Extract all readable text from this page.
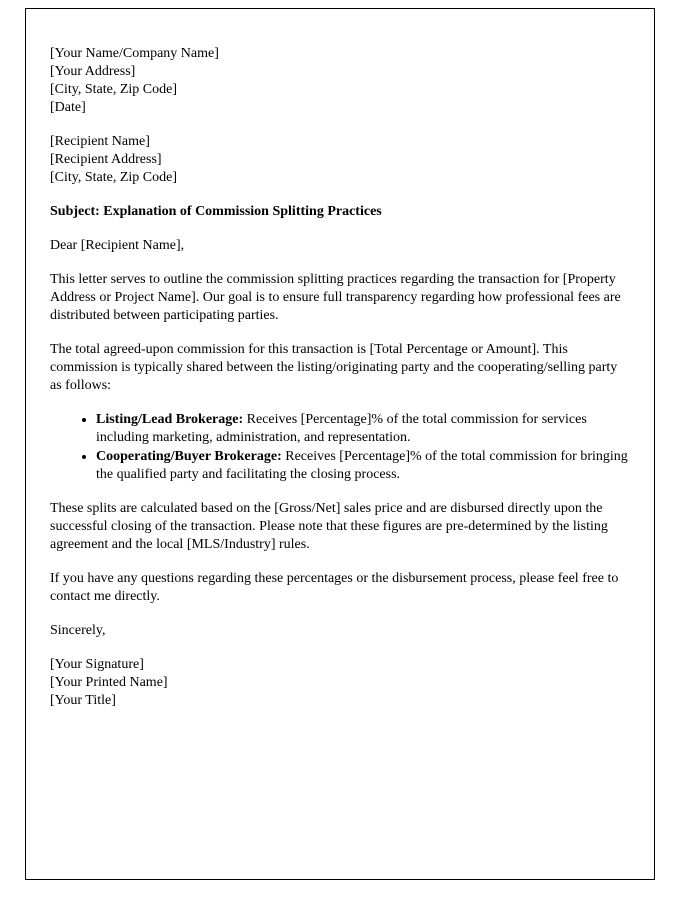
[Your Name/Company Name]
[Your Address]
[City, State, Zip Code]
[Date]
[Recipient Name]
[Recipient Address]
[City, State, Zip Code]
Subject: Explanation of Commission Splitting Practices
Dear [Recipient Name],
This letter serves to outline the commission splitting practices regarding the transaction for [Property Address or Project Name]. Our goal is to ensure full transparency regarding how professional fees are distributed between participating parties.
The total agreed-upon commission for this transaction is [Total Percentage or Amount]. This commission is typically shared between the listing/originating party and the cooperating/selling party as follows:
• Listing/Lead Brokerage: Receives [Percentage]% of the total commission for services including marketing, administration, and representation.
• Cooperating/Buyer Brokerage: Receives [Percentage]% of the total commission for bringing the qualified party and facilitating the closing process.
These splits are calculated based on the [Gross/Net] sales price and are disbursed directly upon the successful closing of the transaction. Please note that these figures are pre-determined by the listing agreement and the local [MLS/Industry] rules.
If you have any questions regarding these percentages or the disbursement process, please feel free to contact me directly.
Sincerely,
[Your Signature]
[Your Printed Name]
[Your Title]
